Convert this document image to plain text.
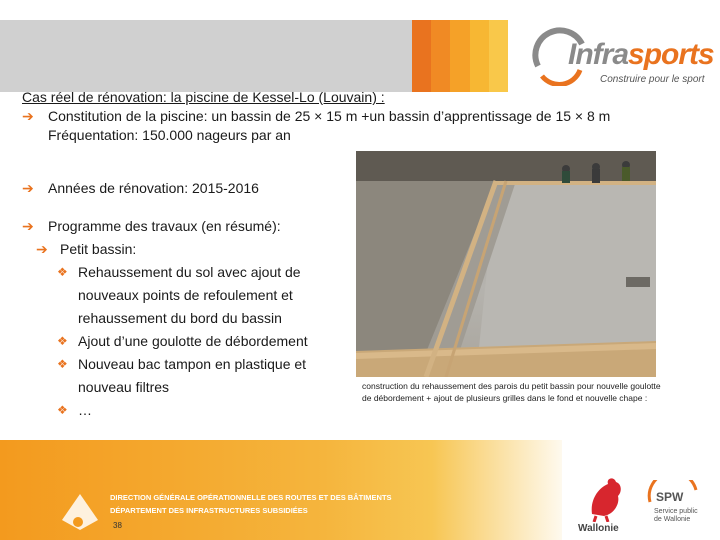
Infrasports
Construire pour le sport
Cas réel de rénovation: la piscine de Kessel-Lo (Louvain) :
➔ Constitution de la piscine: un bassin de 25 × 15 m +un bassin d’apprentissage de 15 × 8 m Fréquentation: 150.000 nageurs par an
➔ Années de rénovation: 2015-2016
➔ Programme des travaux (en résumé):
➔ Petit bassin:
❖ Rehaussement du sol avec ajout de nouveaux points de refoulement et rehaussement du bord du bassin
❖ Ajout d’une goulotte de débordement
❖ Nouveau bac tampon en plastique et nouveau filtres
❖ …
construction du rehaussement des parois du petit bassin pour nouvelle goulotte de débordement + ajout de plusieurs grilles dans le fond et nouvelle chape :
DIRECTION GÉNÉRALE OPÉRATIONNELLE DES ROUTES ET DES BÂTIMENTS
DÉPARTEMENT DES INFRASTRUCTURES SUBSIDIÉES
38	Wallonie
SPW
Service public
de Wallonie
